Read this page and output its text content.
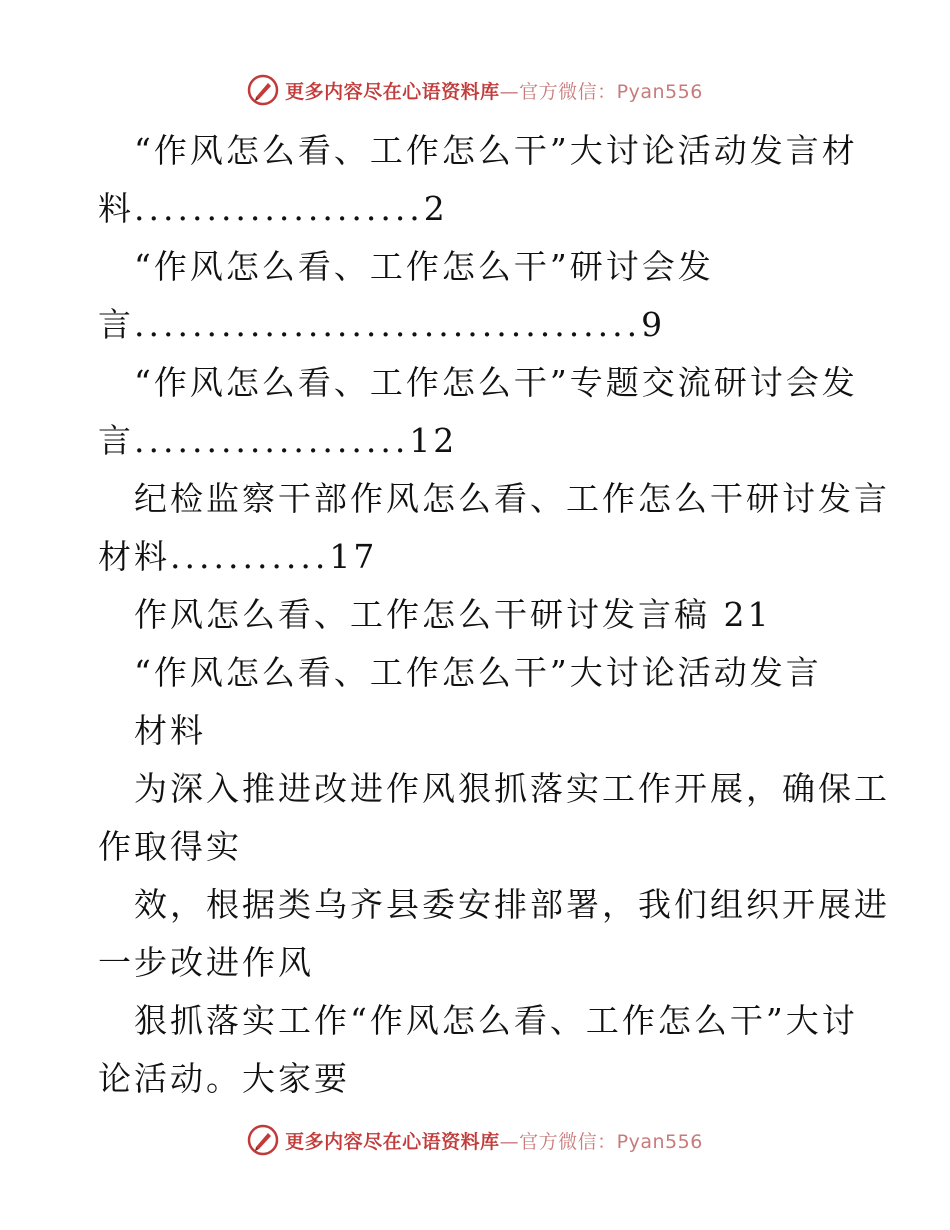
更多内容尽在心语资料库 —官方微信：Pyan556
“作风怎么看、工作怎么干”大讨论活动发言材
料....................2
“作风怎么看、工作怎么干”研讨会发
言...................................9
“作风怎么看、工作怎么干”专题交流研讨会发
言...................12
纪检监察干部作风怎么看、工作怎么干研讨发言
材料...........17
作风怎么看、工作怎么干研讨发言稿 21
“作风怎么看、工作怎么干”大讨论活动发言
材料
为深入推进改进作风狠抓落实工作开展，确保工
作取得实
效，根据类乌齐县委安排部署，我们组织开展进
一步改进作风
狠抓落实工作“作风怎么看、工作怎么干”大讨
论活动。大家要
更多内容尽在心语资料库 —官方微信：Pyan556
